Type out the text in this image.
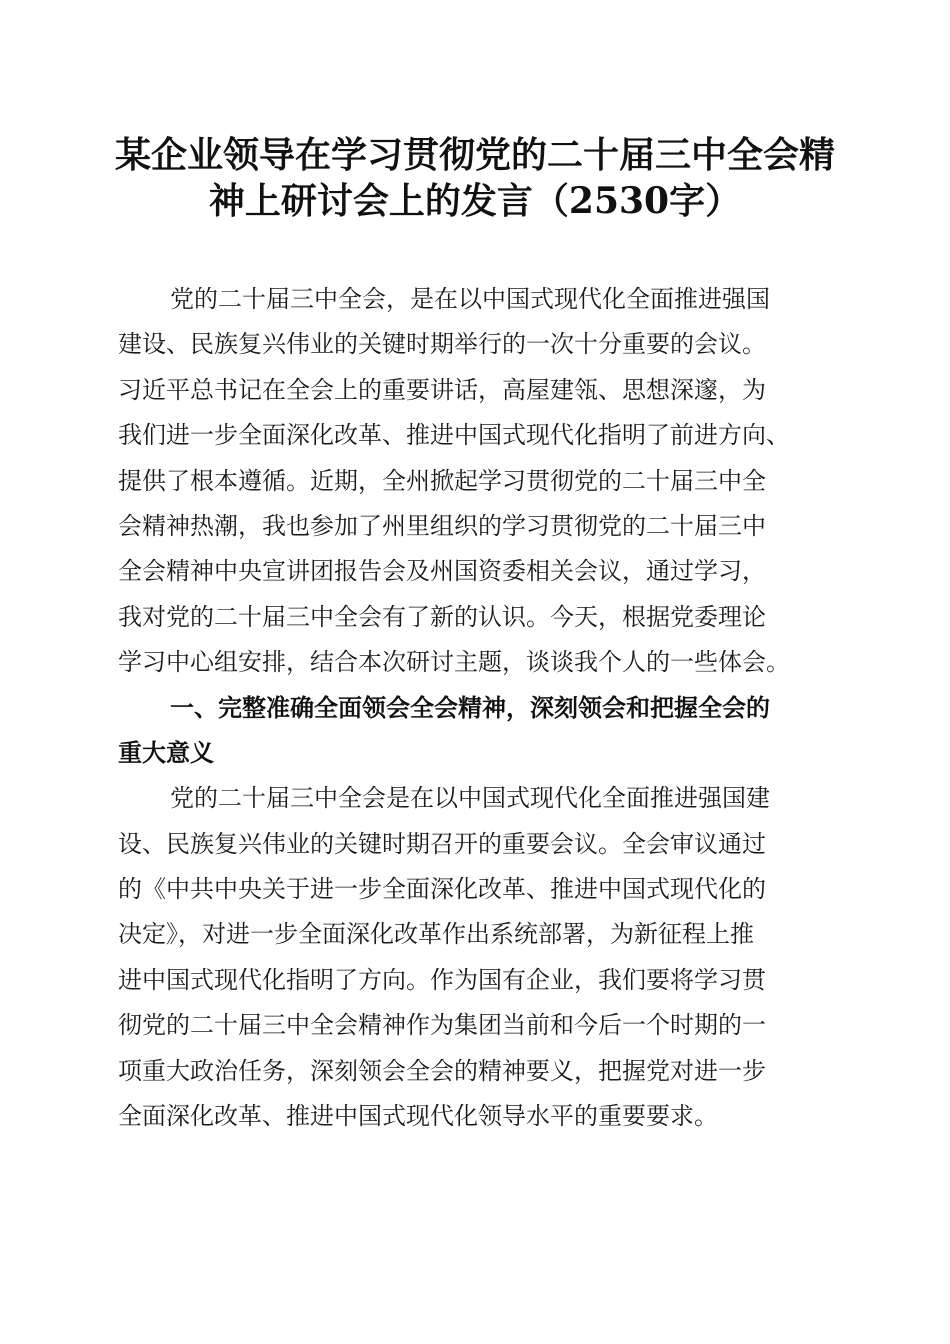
某企业领导在学习贯彻党的二十届三中全会精
神上研讨会上的发言（2530字）
党的二十届三中全会，是在以中国式现代化全面推进强国
建设、民族复兴伟业的关键时期举行的一次十分重要的会议。
习近平总书记在全会上的重要讲话，高屋建瓴、思想深邃，为
我们进一步全面深化改革、推进中国式现代化指明了前进方向、
提供了根本遵循。近期，全州掀起学习贯彻党的二十届三中全
会精神热潮，我也参加了州里组织的学习贯彻党的二十届三中
全会精神中央宣讲团报告会及州国资委相关会议，通过学习，
我对党的二十届三中全会有了新的认识。今天，根据党委理论
学习中心组安排，结合本次研讨主题，谈谈我个人的一些体会。
一、完整准确全面领会全会精神，深刻领会和把握全会的
重大意义
党的二十届三中全会是在以中国式现代化全面推进强国建
设、民族复兴伟业的关键时期召开的重要会议。全会审议通过
的《中共中央关于进一步全面深化改革、推进中国式现代化的
决定》，对进一步全面深化改革作出系统部署，为新征程上推
进中国式现代化指明了方向。作为国有企业，我们要将学习贯
彻党的二十届三中全会精神作为集团当前和今后一个时期的一
项重大政治任务，深刻领会全会的精神要义，把握党对进一步
全面深化改革、推进中国式现代化领导水平的重要要求。
